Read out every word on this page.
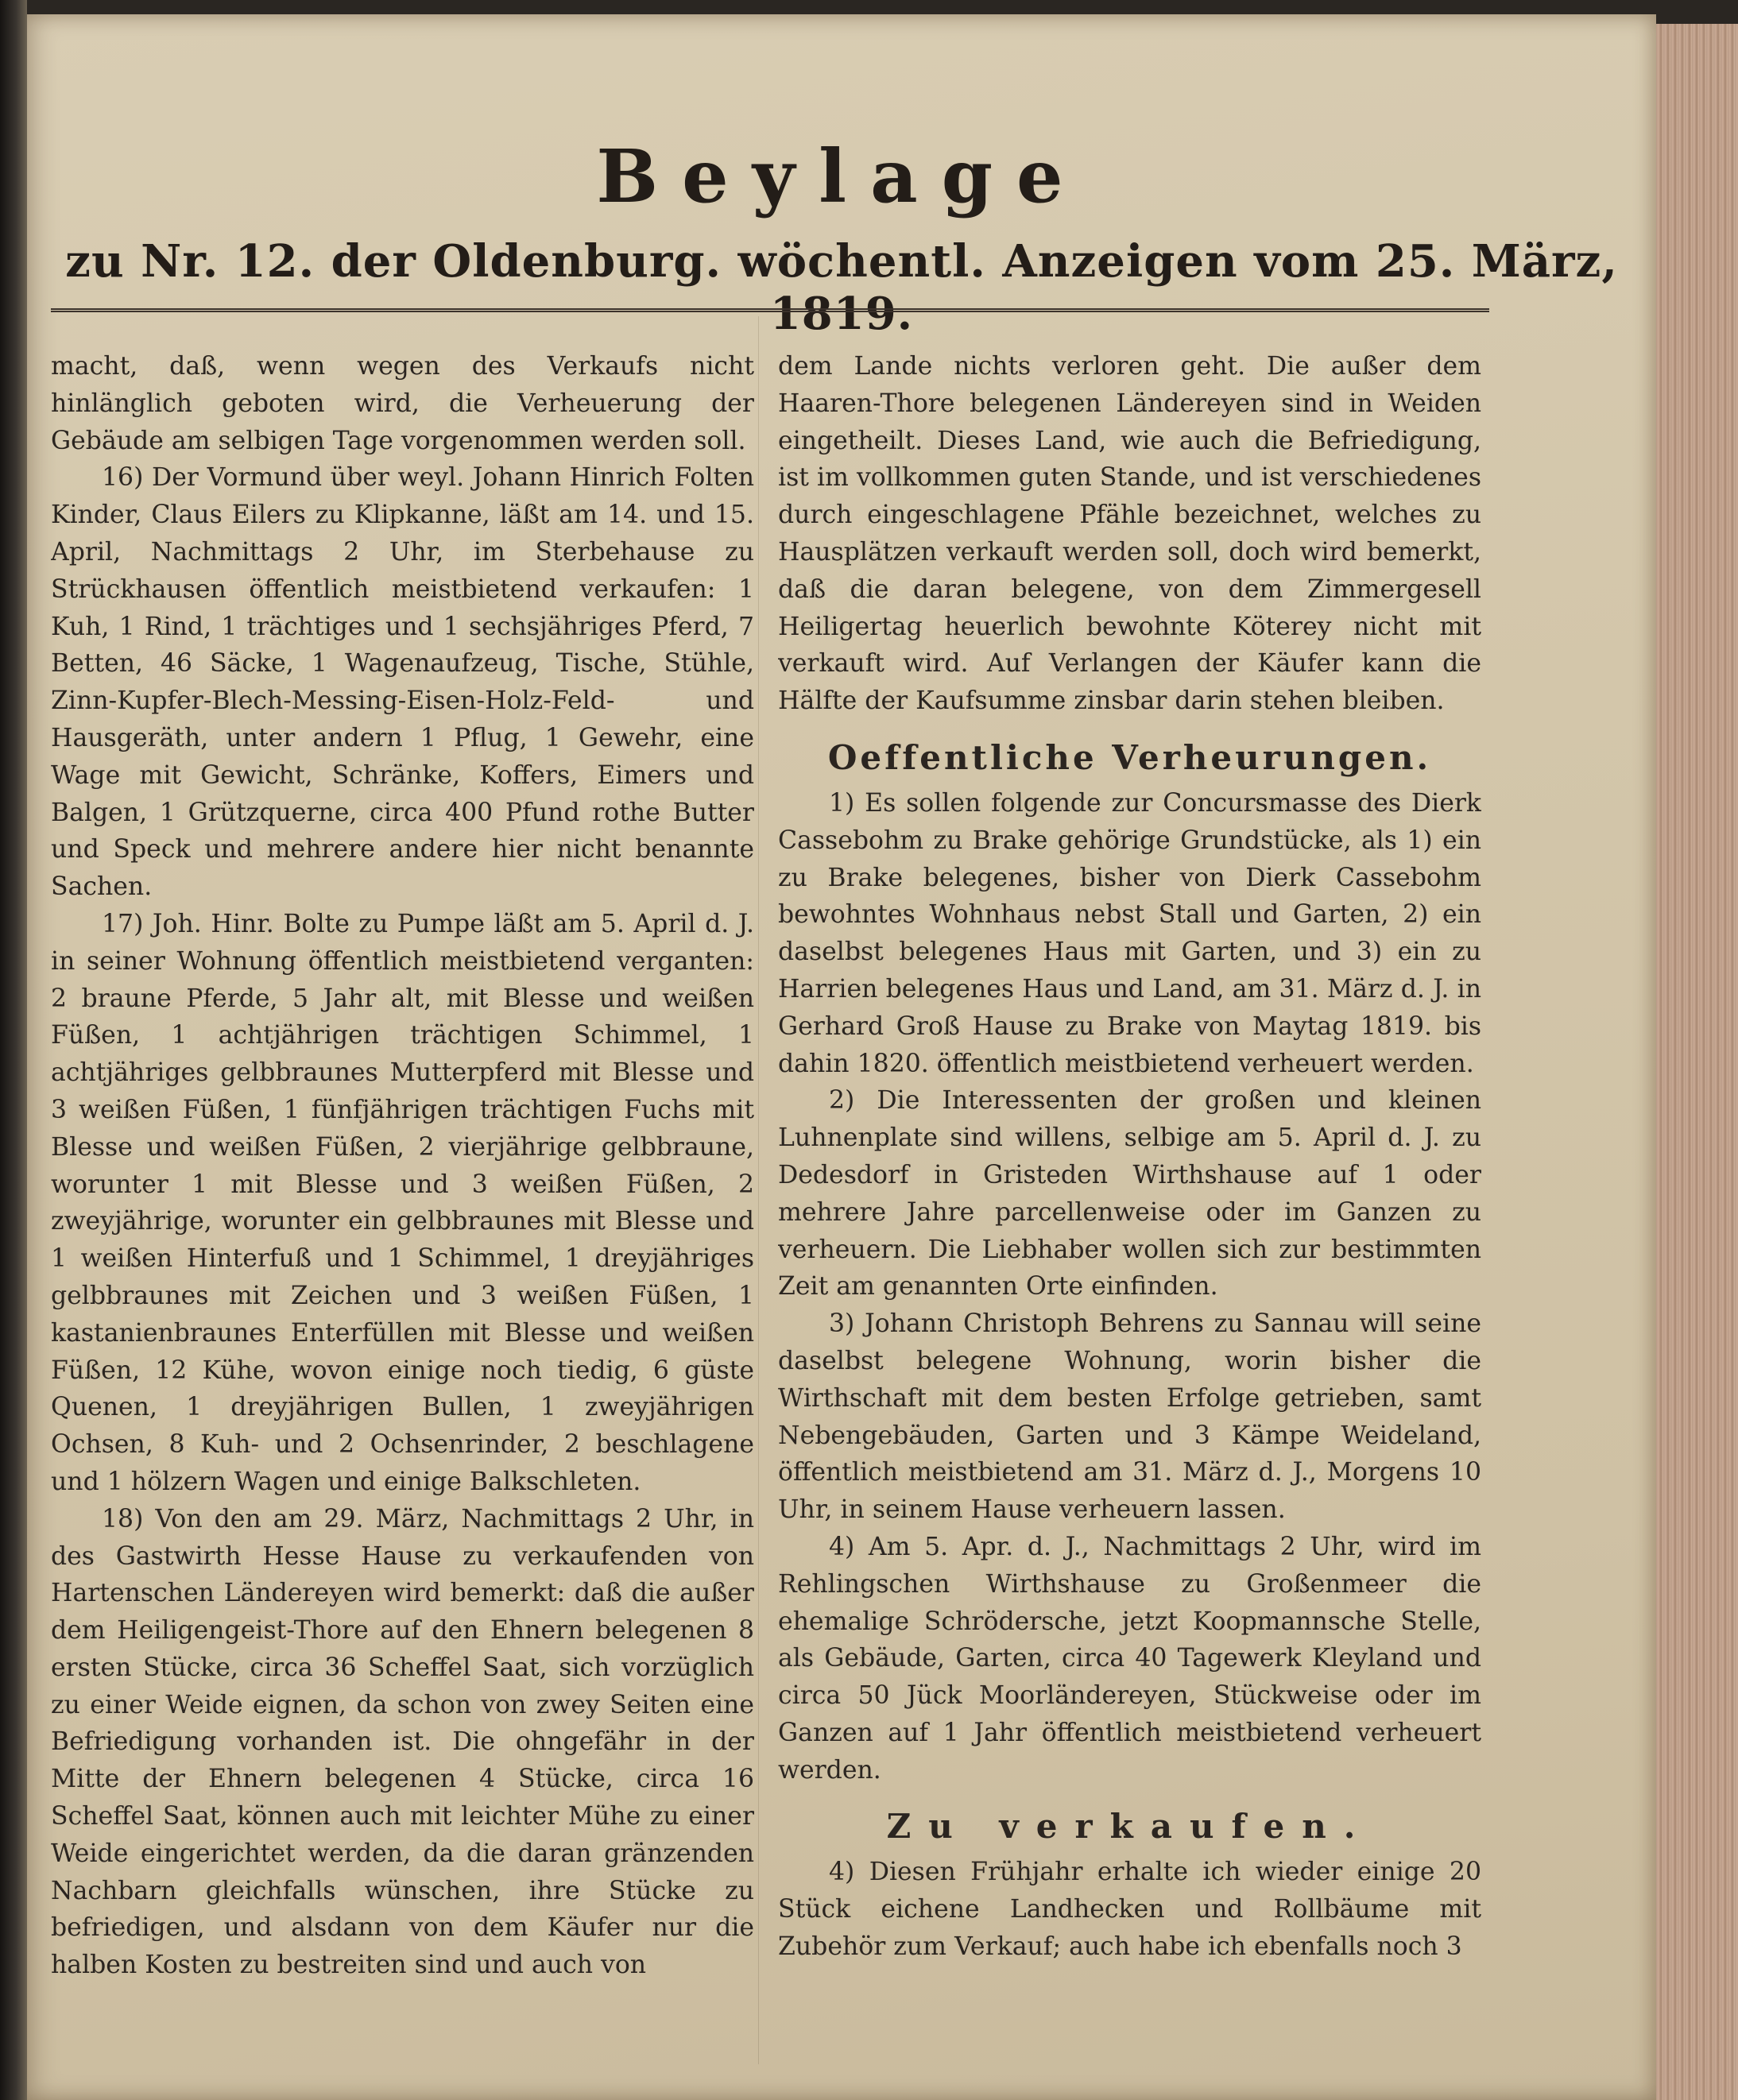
Beylage
zu Nr. 12. der Oldenburg. wöchentl. Anzeigen vom 25. März, 1819.

macht, daß, wenn wegen des Verkaufs nicht hinlänglich geboten wird, die Verheuerung der Gebäude am selbigen Tage vorgenommen werden soll.

16) Der Vormund über weyl. Johann Hinrich Folten Kinder, Claus Eilers zu Klipkanne, läßt am 14. und 15. April, Nachmittags 2 Uhr, im Sterbehause zu Strückhausen öffentlich meistbietend verkaufen: 1 Kuh, 1 Rind, 1 trächtiges und 1 sechsjähriges Pferd, 7 Betten, 46 Säcke, 1 Wagenaufzeug, Tische, Stühle, Zinn-Kupfer-Blech-Messing-Eisen-Holz-Feld- und Hausgeräth, unter andern 1 Pflug, 1 Gewehr, eine Wage mit Gewicht, Schränke, Koffers, Eimers und Balgen, 1 Grützquerne, circa 400 Pfund rothe Butter und Speck und mehrere andere hier nicht benannte Sachen.

17) Joh. Hinr. Bolte zu Pumpe läßt am 5. April d. J. in seiner Wohnung öffentlich meistbietend verganten: 2 braune Pferde, 5 Jahr alt, mit Blesse und weißen Füßen, 1 achtjährigen trächtigen Schimmel, 1 achtjähriges gelbbraunes Mutterpferd mit Blesse und 3 weißen Füßen, 1 fünfjährigen trächtigen Fuchs mit Blesse und weißen Füßen, 2 vierjährige gelbbraune, worunter 1 mit Blesse und 3 weißen Füßen, 2 zweyjährige, worunter ein gelbbraunes mit Blesse und 1 weißen Hinterfuß und 1 Schimmel, 1 dreyjähriges gelbbraunes mit Zeichen und 3 weißen Füßen, 1 kastanienbraunes Enterfüllen mit Blesse und weißen Füßen, 12 Kühe, wovon einige noch tiedig, 6 güste Quenen, 1 dreyjährigen Bullen, 1 zweyjährigen Ochsen, 8 Kuh- und 2 Ochsenrinder, 2 beschlagene und 1 hölzern Wagen und einige Balkschleten.

18) Von den am 29. März, Nachmittags 2 Uhr, in des Gastwirth Hesse Hause zu verkaufenden von Hartenschen Ländereyen wird bemerkt: daß die außer dem Heiligengeist-Thore auf den Ehnern belegenen 8 ersten Stücke, circa 36 Scheffel Saat, sich vorzüglich zu einer Weide eignen, da schon von zwey Seiten eine Befriedigung vorhanden ist. Die ohngefähr in der Mitte der Ehnern belegenen 4 Stücke, circa 16 Scheffel Saat, können auch mit leichter Mühe zu einer Weide eingerichtet werden, da die daran gränzenden Nachbarn gleichfalls wünschen, ihre Stücke zu befriedigen, und alsdann von dem Käufer nur die halben Kosten zu bestreiten sind und auch von

dem Lande nichts verloren geht. Die außer dem Haaren-Thore belegenen Ländereyen sind in Weiden eingetheilt. Dieses Land, wie auch die Befriedigung, ist im vollkommen guten Stande, und ist verschiedenes durch eingeschlagene Pfähle bezeichnet, welches zu Hausplätzen verkauft werden soll, doch wird bemerkt, daß die daran belegene, von dem Zimmergesell Heiligertag heuerlich bewohnte Köterey nicht mit verkauft wird. Auf Verlangen der Käufer kann die Hälfte der Kaufsumme zinsbar darin stehen bleiben.

Oeffentliche Verheurungen.

1) Es sollen folgende zur Concursmasse des Dierk Cassebohm zu Brake gehörige Grundstücke, als 1) ein zu Brake belegenes, bisher von Dierk Cassebohm bewohntes Wohnhaus nebst Stall und Garten, 2) ein daselbst belegenes Haus mit Garten, und 3) ein zu Harrien belegenes Haus und Land, am 31. März d. J. in Gerhard Groß Hause zu Brake von Maytag 1819. bis dahin 1820. öffentlich meistbietend verheuert werden.

2) Die Interessenten der großen und kleinen Luhnenplate sind willens, selbige am 5. April d. J. zu Dedesdorf in Gristeden Wirthshause auf 1 oder mehrere Jahre parcellenweise oder im Ganzen zu verheuern. Die Liebhaber wollen sich zur bestimmten Zeit am genannten Orte einfinden.

3) Johann Christoph Behrens zu Sannau will seine daselbst belegene Wohnung, worin bisher die Wirthschaft mit dem besten Erfolge getrieben, samt Nebengebäuden, Garten und 3 Kämpe Weideland, öffentlich meistbietend am 31. März d. J., Morgens 10 Uhr, in seinem Hause verheuern lassen.

4) Am 5. Apr. d. J., Nachmittags 2 Uhr, wird im Rehlingschen Wirthshause zu Großenmeer die ehemalige Schrödersche, jetzt Koopmannsche Stelle, als Gebäude, Garten, circa 40 Tagewerk Kleyland und circa 50 Jück Moorländereyen, Stückweise oder im Ganzen auf 1 Jahr öffentlich meistbietend verheuert werden.

Zu verkaufen.

4) Diesen Frühjahr erhalte ich wieder einige 20 Stück eichene Landhecken und Rollbäume mit Zubehör zum Verkauf; auch habe ich ebenfalls noch 3
